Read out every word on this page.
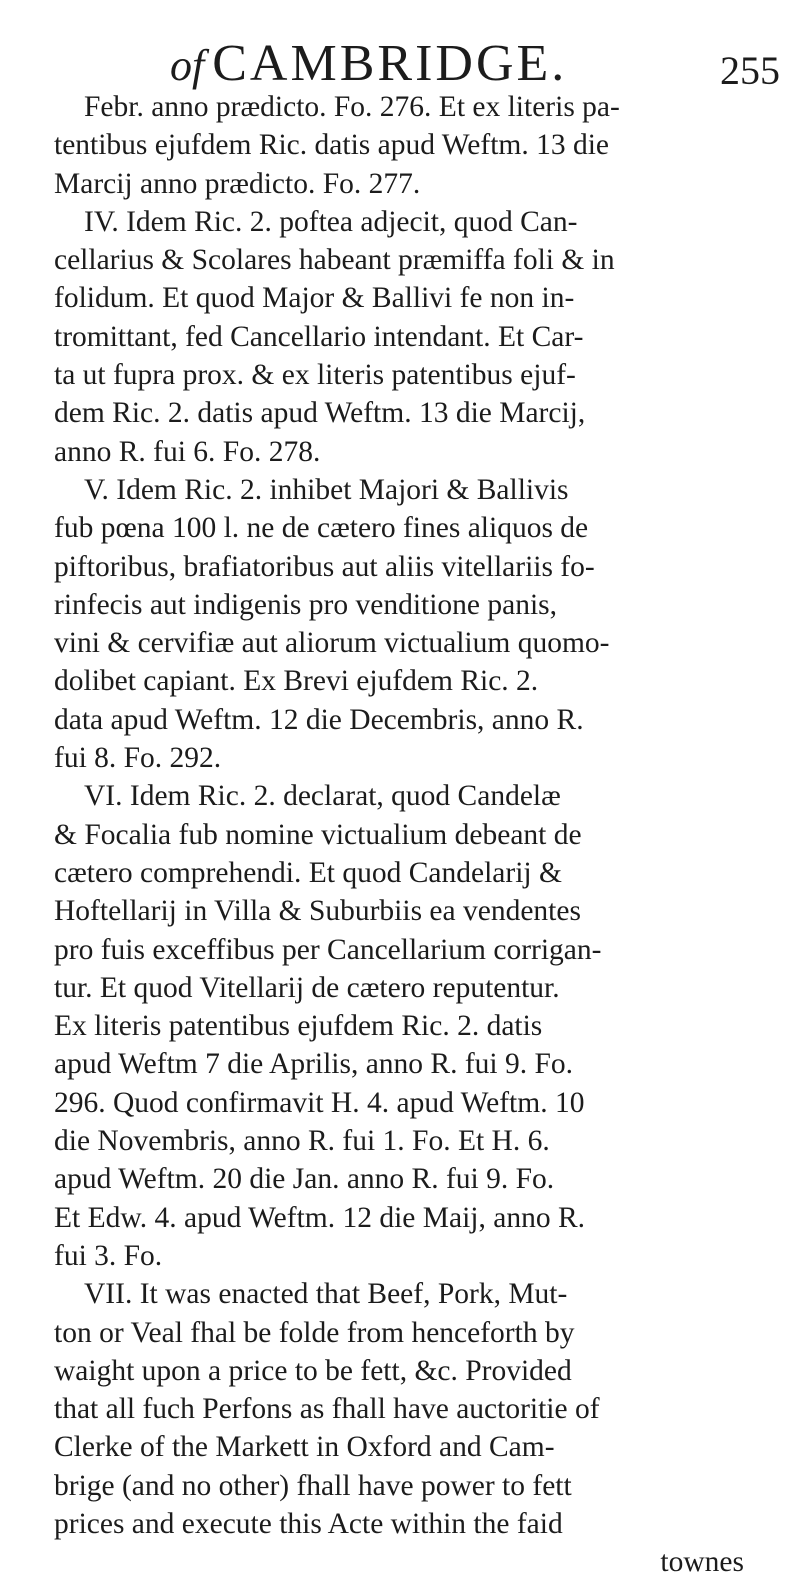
of CAMBRIDGE.	255
Febr. anno prædicto. Fo. 276. Et ex literis pa-
tentibus ejufdem Ric. datis apud Weftm. 13 die
Marcij anno prædicto. Fo. 277.
IV. Idem Ric. 2. poftea adjecit, quod Can-
cellarius & Scolares habeant præmiffa foli & in
folidum. Et quod Major & Ballivi fe non in-
tromittant, fed Cancellario intendant. Et Car-
ta ut fupra prox. & ex literis patentibus ejuf-
dem Ric. 2. datis apud Weftm. 13 die Marcij,
anno R. fui 6. Fo. 278.
V. Idem Ric. 2. inhibet Majori & Ballivis
fub pœna 100 l. ne de cætero fines aliquos de
piftoribus, brafiatoribus aut aliis vitellariis fo-
rinfecis aut indigenis pro venditione panis,
vini & cervifiæ aut aliorum victualium quomo-
dolibet capiant. Ex Brevi ejufdem Ric. 2.
data apud Weftm. 12 die Decembris, anno R.
fui 8. Fo. 292.
VI. Idem Ric. 2. declarat, quod Candelæ
& Focalia fub nomine victualium debeant de
cætero comprehendi. Et quod Candelarij &
Hoftellarij in Villa & Suburbiis ea vendentes
pro fuis exceffibus per Cancellarium corrigan-
tur. Et quod Vitellarij de cætero reputentur.
Ex literis patentibus ejufdem Ric. 2. datis
apud Weftm 7 die Aprilis, anno R. fui 9. Fo.
296. Quod confirmavit H. 4. apud Weftm. 10
die Novembris, anno R. fui 1. Fo. Et H. 6.
apud Weftm. 20 die Jan. anno R. fui 9. Fo.
Et Edw. 4. apud Weftm. 12 die Maij, anno R.
fui 3. Fo.
VII. It was enacted that Beef, Pork, Mut-
ton or Veal fhal be folde from henceforth by
waight upon a price to be fett, &c. Provided
that all fuch Perfons as fhall have auctoritie of
Clerke of the Markett in Oxford and Cam-
brige (and no other) fhall have power to fett
prices and execute this Acte within the faid
townes
